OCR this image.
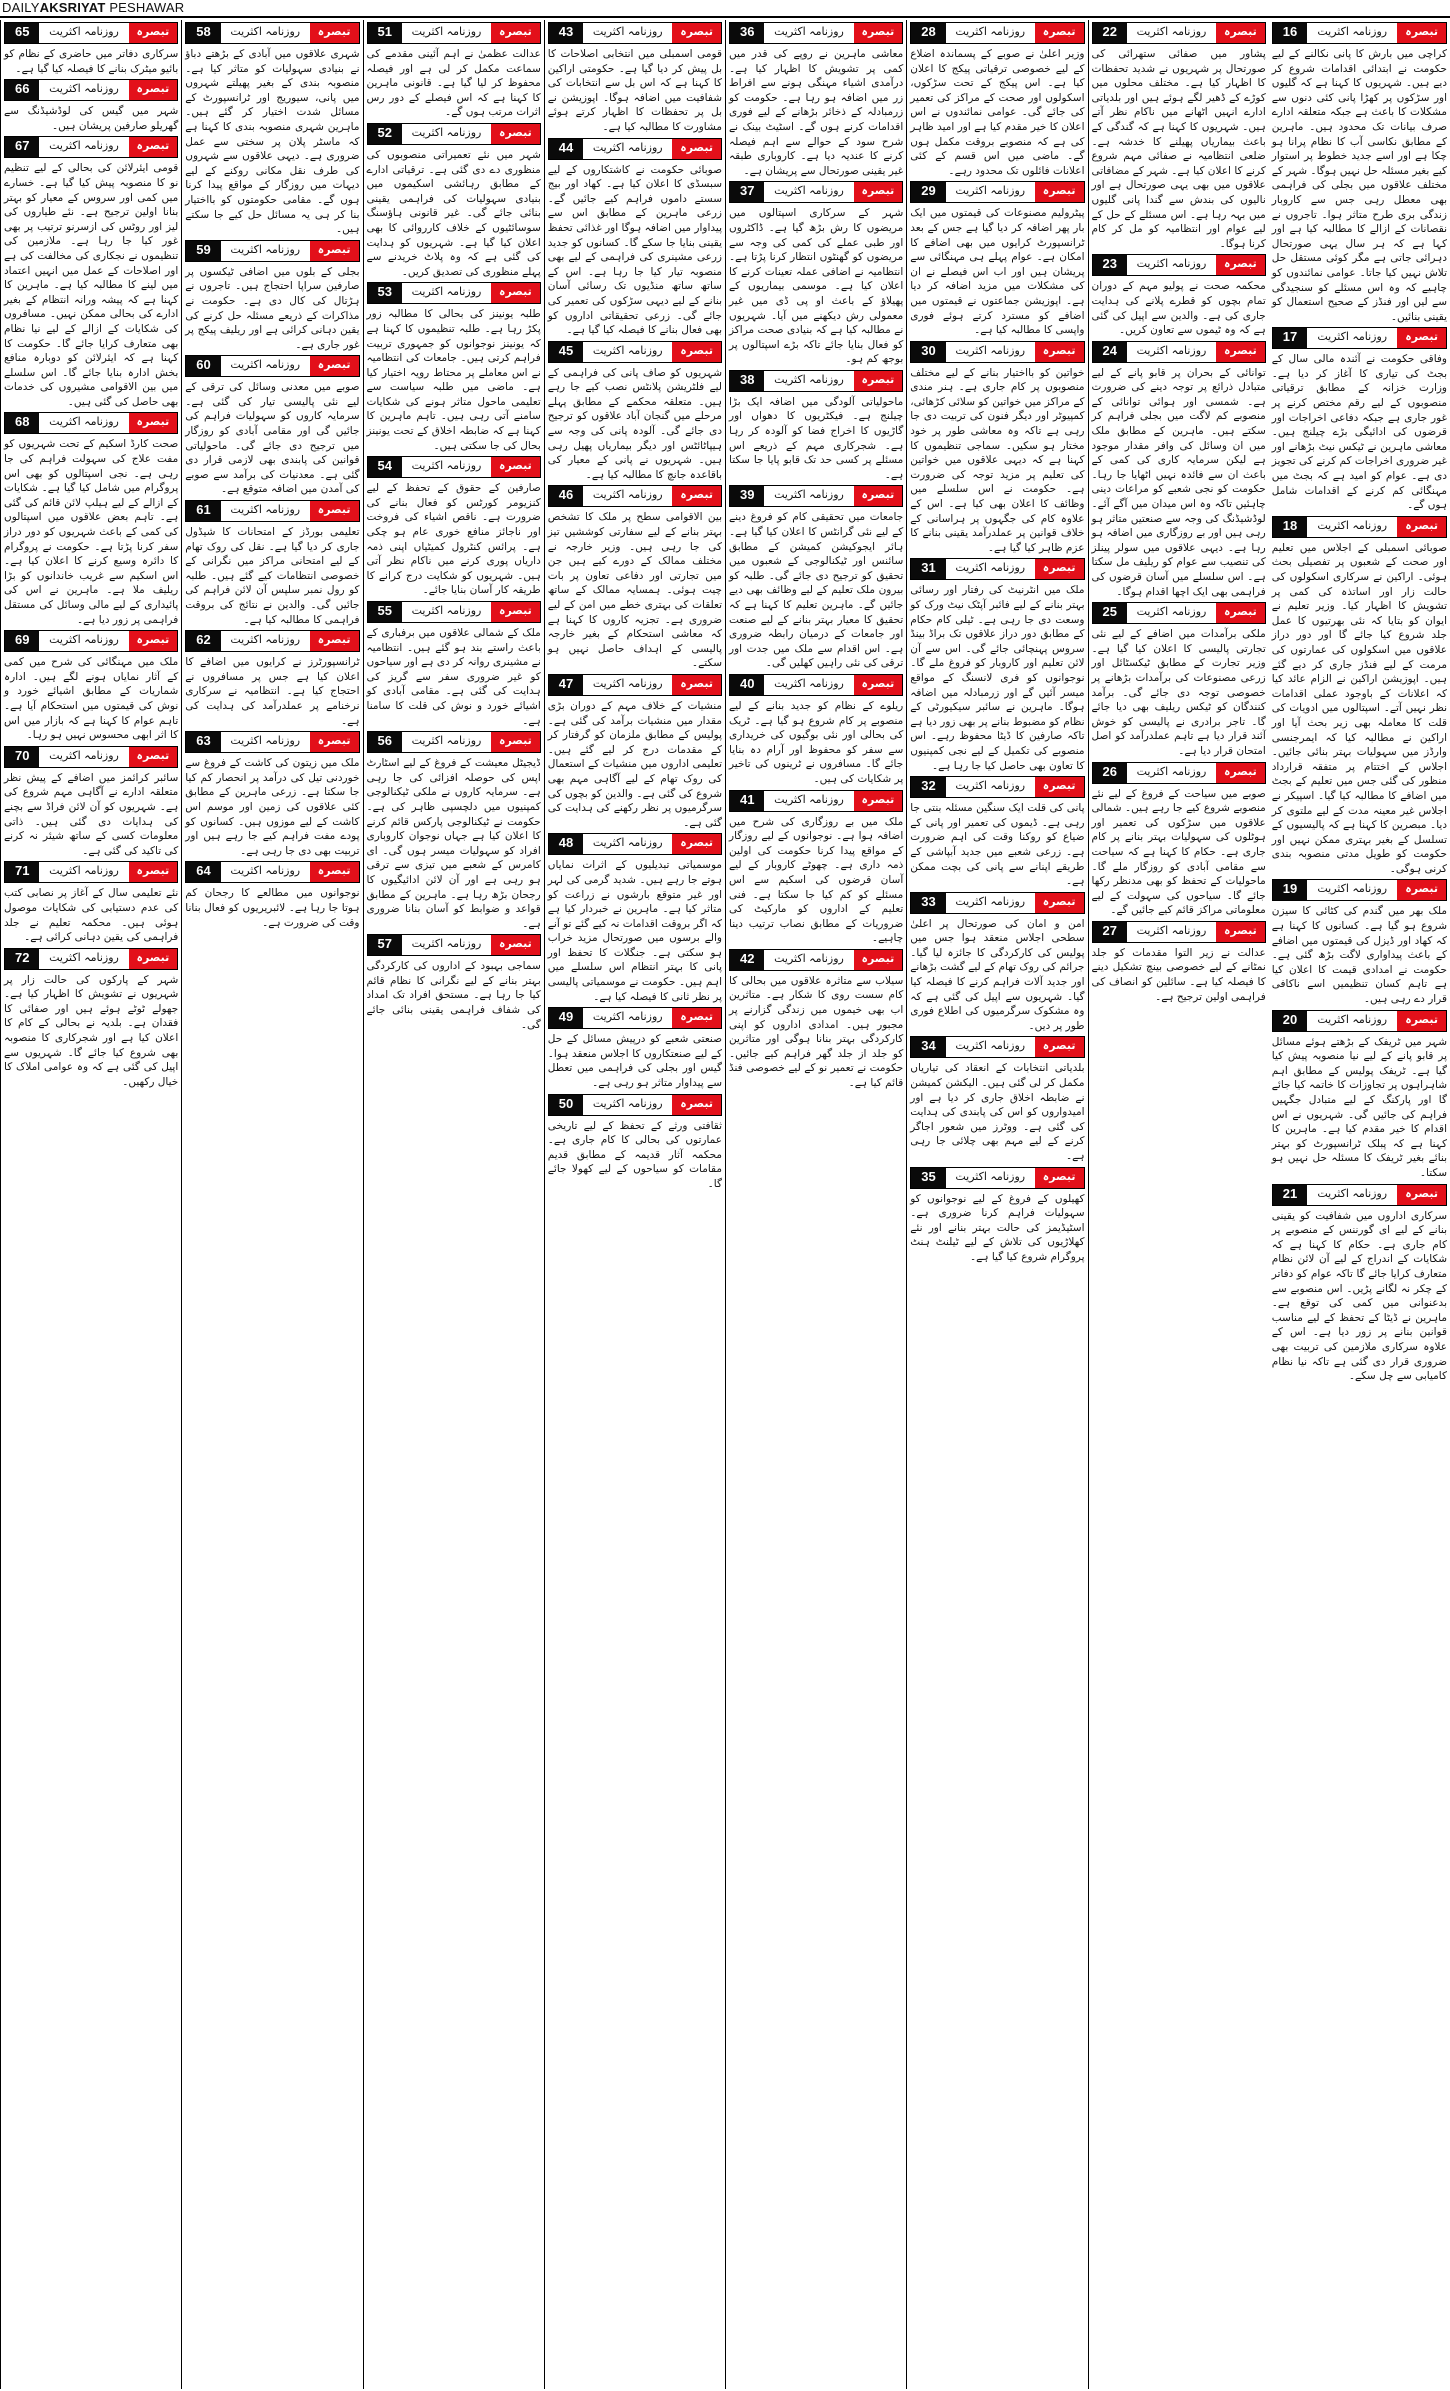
DAILYAKSRIYAT PESHAWAR
تبصرہ
روزنامہ اکثریت
16
کراچی میں بارش کا پانی نکالنے کے لیے حکومت نے ابتدائی اقدامات شروع کر دیے ہیں۔ شہریوں کا کہنا ہے کہ گلیوں اور سڑکوں پر کھڑا پانی کئی دنوں سے مشکلات کا باعث ہے جبکہ متعلقہ ادارے صرف بیانات تک محدود ہیں۔ ماہرین کے مطابق نکاسی آب کا نظام پرانا ہو چکا ہے اور اسے جدید خطوط پر استوار کیے بغیر مسئلہ حل نہیں ہوگا۔ شہر کے مختلف علاقوں میں بجلی کی فراہمی بھی معطل رہی جس سے کاروبار زندگی بری طرح متاثر ہوا۔ تاجروں نے نقصانات کے ازالے کا مطالبہ کیا ہے اور کہا ہے کہ ہر سال یہی صورتحال دہرائی جاتی ہے مگر کوئی مستقل حل تلاش نہیں کیا جاتا۔ عوامی نمائندوں کو چاہیے کہ وہ اس مسئلے کو سنجیدگی سے لیں اور فنڈز کے صحیح استعمال کو یقینی بنائیں۔
تبصرہ
روزنامہ اکثریت
17
وفاقی حکومت نے آئندہ مالی سال کے بجٹ کی تیاری کا آغاز کر دیا ہے۔ وزارت خزانہ کے مطابق ترقیاتی منصوبوں کے لیے رقم مختص کرنے پر غور جاری ہے جبکہ دفاعی اخراجات اور قرضوں کی ادائیگی بڑے چیلنج ہیں۔ معاشی ماہرین نے ٹیکس نیٹ بڑھانے اور غیر ضروری اخراجات کم کرنے کی تجویز دی ہے۔ عوام کو امید ہے کہ بجٹ میں مہنگائی کم کرنے کے اقدامات شامل ہوں گے۔
تبصرہ
روزنامہ اکثریت
18
صوبائی اسمبلی کے اجلاس میں تعلیم اور صحت کے شعبوں پر تفصیلی بحث ہوئی۔ اراکین نے سرکاری اسکولوں کی حالت زار اور اساتذہ کی کمی پر تشویش کا اظہار کیا۔ وزیر تعلیم نے ایوان کو بتایا کہ نئی بھرتیوں کا عمل جلد شروع کیا جائے گا اور دور دراز علاقوں میں اسکولوں کی عمارتوں کی مرمت کے لیے فنڈز جاری کر دیے گئے ہیں۔ اپوزیشن اراکین نے الزام عائد کیا کہ اعلانات کے باوجود عملی اقدامات نظر نہیں آتے۔ اسپتالوں میں ادویات کی قلت کا معاملہ بھی زیر بحث آیا اور اراکین نے مطالبہ کیا کہ ایمرجنسی وارڈز میں سہولیات بہتر بنائی جائیں۔ اجلاس کے اختتام پر متفقہ قرارداد منظور کی گئی جس میں تعلیم کے بجٹ میں اضافے کا مطالبہ کیا گیا۔ اسپیکر نے اجلاس غیر معینہ مدت کے لیے ملتوی کر دیا۔ مبصرین کا کہنا ہے کہ پالیسیوں کے تسلسل کے بغیر بہتری ممکن نہیں اور حکومت کو طویل مدتی منصوبہ بندی کرنی ہوگی۔
تبصرہ
روزنامہ اکثریت
19
ملک بھر میں گندم کی کٹائی کا سیزن شروع ہو گیا ہے۔ کسانوں کا کہنا ہے کہ کھاد اور ڈیزل کی قیمتوں میں اضافے کے باعث پیداواری لاگت بڑھ گئی ہے۔ حکومت نے امدادی قیمت کا اعلان کیا ہے تاہم کسان تنظیمیں اسے ناکافی قرار دے رہی ہیں۔
تبصرہ
روزنامہ اکثریت
20
شہر میں ٹریفک کے بڑھتے ہوئے مسائل پر قابو پانے کے لیے نیا منصوبہ پیش کیا گیا ہے۔ ٹریفک پولیس کے مطابق اہم شاہراہوں پر تجاوزات کا خاتمہ کیا جائے گا اور پارکنگ کے لیے متبادل جگہیں فراہم کی جائیں گی۔ شہریوں نے اس اقدام کا خیر مقدم کیا ہے۔ ماہرین کا کہنا ہے کہ پبلک ٹرانسپورٹ کو بہتر بنائے بغیر ٹریفک کا مسئلہ حل نہیں ہو سکتا۔
تبصرہ
روزنامہ اکثریت
21
سرکاری اداروں میں شفافیت کو یقینی بنانے کے لیے ای گورننس کے منصوبے پر کام جاری ہے۔ حکام کا کہنا ہے کہ شکایات کے اندراج کے لیے آن لائن نظام متعارف کرایا جائے گا تاکہ عوام کو دفاتر کے چکر نہ لگانے پڑیں۔ اس منصوبے سے بدعنوانی میں کمی کی توقع ہے۔ ماہرین نے ڈیٹا کے تحفظ کے لیے مناسب قوانین بنانے پر زور دیا ہے۔ اس کے علاوہ سرکاری ملازمین کی تربیت بھی ضروری قرار دی گئی ہے تاکہ نیا نظام کامیابی سے چل سکے۔
تبصرہ
روزنامہ اکثریت
22
پشاور میں صفائی ستھرائی کی صورتحال پر شہریوں نے شدید تحفظات کا اظہار کیا ہے۔ مختلف محلوں میں کوڑے کے ڈھیر لگے ہوئے ہیں اور بلدیاتی ادارے انہیں اٹھانے میں ناکام نظر آتے ہیں۔ شہریوں کا کہنا ہے کہ گندگی کے باعث بیماریاں پھیلنے کا خدشہ ہے۔ ضلعی انتظامیہ نے صفائی مہم شروع کرنے کا اعلان کیا ہے۔ شہر کے مضافاتی علاقوں میں بھی یہی صورتحال ہے اور نالیوں کی بندش سے گندا پانی گلیوں میں بہہ رہا ہے۔ اس مسئلے کے حل کے لیے عوام اور انتظامیہ کو مل کر کام کرنا ہوگا۔
تبصرہ
روزنامہ اکثریت
23
محکمہ صحت نے پولیو مہم کے دوران تمام بچوں کو قطرے پلانے کی ہدایت جاری کی ہے۔ والدین سے اپیل کی گئی ہے کہ وہ ٹیموں سے تعاون کریں۔
تبصرہ
روزنامہ اکثریت
24
توانائی کے بحران پر قابو پانے کے لیے متبادل ذرائع پر توجہ دینے کی ضرورت ہے۔ شمسی اور ہوائی توانائی کے منصوبے کم لاگت میں بجلی فراہم کر سکتے ہیں۔ ماہرین کے مطابق ملک میں ان وسائل کی وافر مقدار موجود ہے لیکن سرمایہ کاری کی کمی کے باعث ان سے فائدہ نہیں اٹھایا جا رہا۔ حکومت کو نجی شعبے کو مراعات دینی چاہئیں تاکہ وہ اس میدان میں آگے آئے۔ لوڈشیڈنگ کی وجہ سے صنعتیں متاثر ہو رہی ہیں اور بے روزگاری میں اضافہ ہو رہا ہے۔ دیہی علاقوں میں سولر پینلز کی تنصیب سے عوام کو ریلیف مل سکتا ہے۔ اس سلسلے میں آسان قرضوں کی فراہمی بھی ایک اچھا اقدام ہوگا۔
تبصرہ
روزنامہ اکثریت
25
ملکی برآمدات میں اضافے کے لیے نئی تجارتی پالیسی کا اعلان کیا گیا ہے۔ وزیر تجارت کے مطابق ٹیکسٹائل اور زرعی مصنوعات کی برآمدات بڑھانے پر خصوصی توجہ دی جائے گی۔ برآمد کنندگان کو ٹیکس ریلیف بھی دیا جائے گا۔ تاجر برادری نے پالیسی کو خوش آئند قرار دیا ہے تاہم عملدرآمد کو اصل امتحان قرار دیا ہے۔
تبصرہ
روزنامہ اکثریت
26
صوبے میں سیاحت کے فروغ کے لیے نئے منصوبے شروع کیے جا رہے ہیں۔ شمالی علاقوں میں سڑکوں کی تعمیر اور ہوٹلوں کی سہولیات بہتر بنانے پر کام جاری ہے۔ حکام کا کہنا ہے کہ سیاحت سے مقامی آبادی کو روزگار ملے گا۔ ماحولیات کے تحفظ کو بھی مدنظر رکھا جائے گا۔ سیاحوں کی سہولت کے لیے معلوماتی مراکز قائم کیے جائیں گے۔
تبصرہ
روزنامہ اکثریت
27
عدالت نے زیر التوا مقدمات کو جلد نمٹانے کے لیے خصوصی بینچ تشکیل دینے کا فیصلہ کیا ہے۔ سائلین کو انصاف کی فراہمی اولین ترجیح ہے۔
تبصرہ
روزنامہ اکثریت
28
وزیر اعلیٰ نے صوبے کے پسماندہ اضلاع کے لیے خصوصی ترقیاتی پیکج کا اعلان کیا ہے۔ اس پیکج کے تحت سڑکوں، اسکولوں اور صحت کے مراکز کی تعمیر کی جائے گی۔ عوامی نمائندوں نے اس اعلان کا خیر مقدم کیا ہے اور امید ظاہر کی ہے کہ منصوبے بروقت مکمل ہوں گے۔ ماضی میں اس قسم کے کئی اعلانات فائلوں تک محدود رہے۔
تبصرہ
روزنامہ اکثریت
29
پیٹرولیم مصنوعات کی قیمتوں میں ایک بار پھر اضافہ کر دیا گیا ہے جس کے بعد ٹرانسپورٹ کرایوں میں بھی اضافے کا امکان ہے۔ عوام پہلے ہی مہنگائی سے پریشان ہیں اور اب اس فیصلے نے ان کی مشکلات میں مزید اضافہ کر دیا ہے۔ اپوزیشن جماعتوں نے قیمتوں میں اضافے کو مسترد کرتے ہوئے فوری واپسی کا مطالبہ کیا ہے۔
تبصرہ
روزنامہ اکثریت
30
خواتین کو بااختیار بنانے کے لیے مختلف منصوبوں پر کام جاری ہے۔ ہنر مندی کے مراکز میں خواتین کو سلائی کڑھائی، کمپیوٹر اور دیگر فنون کی تربیت دی جا رہی ہے تاکہ وہ معاشی طور پر خود مختار ہو سکیں۔ سماجی تنظیموں کا کہنا ہے کہ دیہی علاقوں میں خواتین کی تعلیم پر مزید توجہ کی ضرورت ہے۔ حکومت نے اس سلسلے میں وظائف کا اعلان بھی کیا ہے۔ اس کے علاوہ کام کی جگہوں پر ہراسانی کے خلاف قوانین پر عملدرآمد یقینی بنانے کا عزم ظاہر کیا گیا ہے۔
تبصرہ
روزنامہ اکثریت
31
ملک میں انٹرنیٹ کی رفتار اور رسائی بہتر بنانے کے لیے فائبر آپٹک نیٹ ورک کو وسعت دی جا رہی ہے۔ ٹیلی کام حکام کے مطابق دور دراز علاقوں تک براڈ بینڈ سروس پہنچائی جائے گی۔ اس سے آن لائن تعلیم اور کاروبار کو فروغ ملے گا۔ نوجوانوں کو فری لانسنگ کے مواقع میسر آئیں گے اور زرمبادلہ میں اضافہ ہوگا۔ ماہرین نے سائبر سیکیورٹی کے نظام کو مضبوط بنانے پر بھی زور دیا ہے تاکہ صارفین کا ڈیٹا محفوظ رہے۔ اس منصوبے کی تکمیل کے لیے نجی کمپنیوں کا تعاون بھی حاصل کیا جا رہا ہے۔
تبصرہ
روزنامہ اکثریت
32
پانی کی قلت ایک سنگین مسئلہ بنتی جا رہی ہے۔ ڈیموں کی تعمیر اور پانی کے ضیاع کو روکنا وقت کی اہم ضرورت ہے۔ زرعی شعبے میں جدید آبپاشی کے طریقے اپنانے سے پانی کی بچت ممکن ہے۔
تبصرہ
روزنامہ اکثریت
33
امن و امان کی صورتحال پر اعلیٰ سطحی اجلاس منعقد ہوا جس میں پولیس کی کارکردگی کا جائزہ لیا گیا۔ جرائم کی روک تھام کے لیے گشت بڑھانے اور جدید آلات فراہم کرنے کا فیصلہ کیا گیا۔ شہریوں سے اپیل کی گئی ہے کہ وہ مشکوک سرگرمیوں کی اطلاع فوری طور پر دیں۔
تبصرہ
روزنامہ اکثریت
34
بلدیاتی انتخابات کے انعقاد کی تیاریاں مکمل کر لی گئی ہیں۔ الیکشن کمیشن نے ضابطہ اخلاق جاری کر دیا ہے اور امیدواروں کو اس کی پابندی کی ہدایت کی گئی ہے۔ ووٹرز میں شعور اجاگر کرنے کے لیے مہم بھی چلائی جا رہی ہے۔
تبصرہ
روزنامہ اکثریت
35
کھیلوں کے فروغ کے لیے نوجوانوں کو سہولیات فراہم کرنا ضروری ہے۔ اسٹیڈیمز کی حالت بہتر بنانے اور نئے کھلاڑیوں کی تلاش کے لیے ٹیلنٹ ہنٹ پروگرام شروع کیا گیا ہے۔
تبصرہ
روزنامہ اکثریت
36
معاشی ماہرین نے روپے کی قدر میں کمی پر تشویش کا اظہار کیا ہے۔ درآمدی اشیاء مہنگی ہونے سے افراط زر میں اضافہ ہو رہا ہے۔ حکومت کو زرمبادلہ کے ذخائر بڑھانے کے لیے فوری اقدامات کرنے ہوں گے۔ اسٹیٹ بینک نے شرح سود کے حوالے سے اہم فیصلہ کرنے کا عندیہ دیا ہے۔ کاروباری طبقہ غیر یقینی صورتحال سے پریشان ہے۔
تبصرہ
روزنامہ اکثریت
37
شہر کے سرکاری اسپتالوں میں مریضوں کا رش بڑھ گیا ہے۔ ڈاکٹروں اور طبی عملے کی کمی کی وجہ سے مریضوں کو گھنٹوں انتظار کرنا پڑتا ہے۔ انتظامیہ نے اضافی عملہ تعینات کرنے کا اعلان کیا ہے۔ موسمی بیماریوں کے پھیلاؤ کے باعث او پی ڈی میں غیر معمولی رش دیکھنے میں آیا۔ شہریوں نے مطالبہ کیا ہے کہ بنیادی صحت مراکز کو فعال بنایا جائے تاکہ بڑے اسپتالوں پر بوجھ کم ہو۔
تبصرہ
روزنامہ اکثریت
38
ماحولیاتی آلودگی میں اضافہ ایک بڑا چیلنج ہے۔ فیکٹریوں کا دھواں اور گاڑیوں کا اخراج فضا کو آلودہ کر رہا ہے۔ شجرکاری مہم کے ذریعے اس مسئلے پر کسی حد تک قابو پایا جا سکتا ہے۔
تبصرہ
روزنامہ اکثریت
39
جامعات میں تحقیقی کام کو فروغ دینے کے لیے نئی گرانٹس کا اعلان کیا گیا ہے۔ ہائر ایجوکیشن کمیشن کے مطابق سائنس اور ٹیکنالوجی کے شعبوں میں تحقیق کو ترجیح دی جائے گی۔ طلبہ کو بیرون ملک تعلیم کے لیے وظائف بھی دیے جائیں گے۔ ماہرین تعلیم کا کہنا ہے کہ تحقیق کا معیار بہتر بنانے کے لیے صنعت اور جامعات کے درمیان رابطہ ضروری ہے۔ اس اقدام سے ملک میں جدت اور ترقی کی نئی راہیں کھلیں گی۔
تبصرہ
روزنامہ اکثریت
40
ریلوے کے نظام کو جدید بنانے کے لیے منصوبے پر کام شروع ہو گیا ہے۔ ٹریک کی بحالی اور نئی بوگیوں کی خریداری سے سفر کو محفوظ اور آرام دہ بنایا جائے گا۔ مسافروں نے ٹرینوں کی تاخیر پر شکایات کی ہیں۔
تبصرہ
روزنامہ اکثریت
41
ملک میں بے روزگاری کی شرح میں اضافہ ہوا ہے۔ نوجوانوں کے لیے روزگار کے مواقع پیدا کرنا حکومت کی اولین ذمہ داری ہے۔ چھوٹے کاروبار کے لیے آسان قرضوں کی اسکیم سے اس مسئلے کو کم کیا جا سکتا ہے۔ فنی تعلیم کے اداروں کو مارکیٹ کی ضروریات کے مطابق نصاب ترتیب دینا چاہیے۔
تبصرہ
روزنامہ اکثریت
42
سیلاب سے متاثرہ علاقوں میں بحالی کا کام سست روی کا شکار ہے۔ متاثرین اب بھی خیموں میں زندگی گزارنے پر مجبور ہیں۔ امدادی اداروں کو اپنی کارکردگی بہتر بنانا ہوگی اور متاثرین کو جلد از جلد گھر فراہم کیے جائیں۔ حکومت نے تعمیر نو کے لیے خصوصی فنڈ قائم کیا ہے۔
تبصرہ
روزنامہ اکثریت
43
قومی اسمبلی میں انتخابی اصلاحات کا بل پیش کر دیا گیا ہے۔ حکومتی اراکین کا کہنا ہے کہ اس بل سے انتخابات کی شفافیت میں اضافہ ہوگا۔ اپوزیشن نے بل پر تحفظات کا اظہار کرتے ہوئے مشاورت کا مطالبہ کیا ہے۔
تبصرہ
روزنامہ اکثریت
44
صوبائی حکومت نے کاشتکاروں کے لیے سبسڈی کا اعلان کیا ہے۔ کھاد اور بیج سستے داموں فراہم کیے جائیں گے۔ زرعی ماہرین کے مطابق اس سے پیداوار میں اضافہ ہوگا اور غذائی تحفظ یقینی بنایا جا سکے گا۔ کسانوں کو جدید زرعی مشینری کی فراہمی کے لیے بھی منصوبہ تیار کیا جا رہا ہے۔ اس کے ساتھ ساتھ منڈیوں تک رسائی آسان بنانے کے لیے دیہی سڑکوں کی تعمیر کی جائے گی۔ زرعی تحقیقاتی اداروں کو بھی فعال بنانے کا فیصلہ کیا گیا ہے۔
تبصرہ
روزنامہ اکثریت
45
شہریوں کو صاف پانی کی فراہمی کے لیے فلٹریشن پلانٹس نصب کیے جا رہے ہیں۔ متعلقہ محکمے کے مطابق پہلے مرحلے میں گنجان آباد علاقوں کو ترجیح دی جائے گی۔ آلودہ پانی کی وجہ سے ہیپاٹائٹس اور دیگر بیماریاں پھیل رہی ہیں۔ شہریوں نے پانی کے معیار کی باقاعدہ جانچ کا مطالبہ کیا ہے۔
تبصرہ
روزنامہ اکثریت
46
بین الاقوامی سطح پر ملک کا تشخص بہتر بنانے کے لیے سفارتی کوششیں تیز کی جا رہی ہیں۔ وزیر خارجہ نے مختلف ممالک کے دورے کیے ہیں جن میں تجارتی اور دفاعی تعاون پر بات چیت ہوئی۔ ہمسایہ ممالک کے ساتھ تعلقات کی بہتری خطے میں امن کے لیے ضروری ہے۔ تجزیہ کاروں کا کہنا ہے کہ معاشی استحکام کے بغیر خارجہ پالیسی کے اہداف حاصل نہیں ہو سکتے۔
تبصرہ
روزنامہ اکثریت
47
منشیات کے خلاف مہم کے دوران بڑی مقدار میں منشیات برآمد کی گئی ہے۔ پولیس کے مطابق ملزمان کو گرفتار کر کے مقدمات درج کر لیے گئے ہیں۔ تعلیمی اداروں میں منشیات کے استعمال کی روک تھام کے لیے آگاہی مہم بھی شروع کی گئی ہے۔ والدین کو بچوں کی سرگرمیوں پر نظر رکھنے کی ہدایت کی گئی ہے۔
تبصرہ
روزنامہ اکثریت
48
موسمیاتی تبدیلیوں کے اثرات نمایاں ہوتے جا رہے ہیں۔ شدید گرمی کی لہر اور غیر متوقع بارشوں نے زراعت کو متاثر کیا ہے۔ ماہرین نے خبردار کیا ہے کہ اگر بروقت اقدامات نہ کیے گئے تو آنے والے برسوں میں صورتحال مزید خراب ہو سکتی ہے۔ جنگلات کا تحفظ اور پانی کا بہتر انتظام اس سلسلے میں اہم ہیں۔ حکومت نے موسمیاتی پالیسی پر نظر ثانی کا فیصلہ کیا ہے۔
تبصرہ
روزنامہ اکثریت
49
صنعتی شعبے کو درپیش مسائل کے حل کے لیے صنعتکاروں کا اجلاس منعقد ہوا۔ گیس اور بجلی کی فراہمی میں تعطل سے پیداوار متاثر ہو رہی ہے۔
تبصرہ
روزنامہ اکثریت
50
ثقافتی ورثے کے تحفظ کے لیے تاریخی عمارتوں کی بحالی کا کام جاری ہے۔ محکمہ آثار قدیمہ کے مطابق قدیم مقامات کو سیاحوں کے لیے کھولا جائے گا۔
تبصرہ
روزنامہ اکثریت
51
عدالت عظمیٰ نے اہم آئینی مقدمے کی سماعت مکمل کر لی ہے اور فیصلہ محفوظ کر لیا گیا ہے۔ قانونی ماہرین کا کہنا ہے کہ اس فیصلے کے دور رس اثرات مرتب ہوں گے۔
تبصرہ
روزنامہ اکثریت
52
شہر میں نئے تعمیراتی منصوبوں کی منظوری دے دی گئی ہے۔ ترقیاتی ادارے کے مطابق رہائشی اسکیموں میں بنیادی سہولیات کی فراہمی یقینی بنائی جائے گی۔ غیر قانونی ہاؤسنگ سوسائٹیوں کے خلاف کارروائی کا بھی اعلان کیا گیا ہے۔ شہریوں کو ہدایت کی گئی ہے کہ وہ پلاٹ خریدنے سے پہلے منظوری کی تصدیق کریں۔
تبصرہ
روزنامہ اکثریت
53
طلبہ یونینز کی بحالی کا مطالبہ زور پکڑ رہا ہے۔ طلبہ تنظیموں کا کہنا ہے کہ یونینز نوجوانوں کو جمہوری تربیت فراہم کرتی ہیں۔ جامعات کی انتظامیہ نے اس معاملے پر محتاط رویہ اختیار کیا ہے۔ ماضی میں طلبہ سیاست سے تعلیمی ماحول متاثر ہونے کی شکایات سامنے آتی رہی ہیں۔ تاہم ماہرین کا کہنا ہے کہ ضابطہ اخلاق کے تحت یونینز بحال کی جا سکتی ہیں۔
تبصرہ
روزنامہ اکثریت
54
صارفین کے حقوق کے تحفظ کے لیے کنزیومر کورٹس کو فعال بنانے کی ضرورت ہے۔ ناقص اشیاء کی فروخت اور ناجائز منافع خوری عام ہو چکی ہے۔ پرائس کنٹرول کمیٹیاں اپنی ذمہ داریاں پوری کرنے میں ناکام نظر آتی ہیں۔ شہریوں کو شکایت درج کرانے کا طریقہ کار آسان بنایا جائے۔
تبصرہ
روزنامہ اکثریت
55
ملک کے شمالی علاقوں میں برفباری کے باعث راستے بند ہو گئے ہیں۔ انتظامیہ نے مشینری روانہ کر دی ہے اور سیاحوں کو غیر ضروری سفر سے گریز کی ہدایت کی گئی ہے۔ مقامی آبادی کو اشیائے خورد و نوش کی قلت کا سامنا ہے۔
تبصرہ
روزنامہ اکثریت
56
ڈیجیٹل معیشت کے فروغ کے لیے اسٹارٹ اپس کی حوصلہ افزائی کی جا رہی ہے۔ سرمایہ کاروں نے ملکی ٹیکنالوجی کمپنیوں میں دلچسپی ظاہر کی ہے۔ حکومت نے ٹیکنالوجی پارکس قائم کرنے کا اعلان کیا ہے جہاں نوجوان کاروباری افراد کو سہولیات میسر ہوں گی۔ ای کامرس کے شعبے میں تیزی سے ترقی ہو رہی ہے اور آن لائن ادائیگیوں کا رجحان بڑھ رہا ہے۔ ماہرین کے مطابق قواعد و ضوابط کو آسان بنانا ضروری ہے۔
تبصرہ
روزنامہ اکثریت
57
سماجی بہبود کے اداروں کی کارکردگی بہتر بنانے کے لیے نگرانی کا نظام قائم کیا جا رہا ہے۔ مستحق افراد تک امداد کی شفاف فراہمی یقینی بنائی جائے گی۔
تبصرہ
روزنامہ اکثریت
58
شہری علاقوں میں آبادی کے بڑھتے دباؤ نے بنیادی سہولیات کو متاثر کیا ہے۔ منصوبہ بندی کے بغیر پھیلتے شہروں میں پانی، سیوریج اور ٹرانسپورٹ کے مسائل شدت اختیار کر گئے ہیں۔ ماہرین شہری منصوبہ بندی کا کہنا ہے کہ ماسٹر پلان پر سختی سے عمل ضروری ہے۔ دیہی علاقوں سے شہروں کی طرف نقل مکانی روکنے کے لیے دیہات میں روزگار کے مواقع پیدا کرنا ہوں گے۔ مقامی حکومتوں کو بااختیار بنا کر ہی یہ مسائل حل کیے جا سکتے ہیں۔
تبصرہ
روزنامہ اکثریت
59
بجلی کے بلوں میں اضافی ٹیکسوں پر صارفین سراپا احتجاج ہیں۔ تاجروں نے ہڑتال کی کال دی ہے۔ حکومت نے مذاکرات کے ذریعے مسئلہ حل کرنے کی یقین دہانی کرائی ہے اور ریلیف پیکج پر غور جاری ہے۔
تبصرہ
روزنامہ اکثریت
60
صوبے میں معدنی وسائل کی ترقی کے لیے نئی پالیسی تیار کی گئی ہے۔ سرمایہ کاروں کو سہولیات فراہم کی جائیں گی اور مقامی آبادی کو روزگار میں ترجیح دی جائے گی۔ ماحولیاتی قوانین کی پابندی بھی لازمی قرار دی گئی ہے۔ معدنیات کی برآمد سے صوبے کی آمدن میں اضافہ متوقع ہے۔
تبصرہ
روزنامہ اکثریت
61
تعلیمی بورڈز کے امتحانات کا شیڈول جاری کر دیا گیا ہے۔ نقل کی روک تھام کے لیے امتحانی مراکز میں نگرانی کے خصوصی انتظامات کیے گئے ہیں۔ طلبہ کو رول نمبر سلپس آن لائن فراہم کی جائیں گی۔ والدین نے نتائج کی بروقت فراہمی کا مطالبہ کیا ہے۔
تبصرہ
روزنامہ اکثریت
62
ٹرانسپورٹرز نے کرایوں میں اضافے کا اعلان کیا ہے جس پر مسافروں نے احتجاج کیا ہے۔ انتظامیہ نے سرکاری نرخنامے پر عملدرآمد کی ہدایت کی ہے۔
تبصرہ
روزنامہ اکثریت
63
ملک میں زیتون کی کاشت کے فروغ سے خوردنی تیل کی درآمد پر انحصار کم کیا جا سکتا ہے۔ زرعی ماہرین کے مطابق کئی علاقوں کی زمین اور موسم اس کاشت کے لیے موزوں ہیں۔ کسانوں کو پودے مفت فراہم کیے جا رہے ہیں اور تربیت بھی دی جا رہی ہے۔
تبصرہ
روزنامہ اکثریت
64
نوجوانوں میں مطالعے کا رجحان کم ہوتا جا رہا ہے۔ لائبریریوں کو فعال بنانا وقت کی ضرورت ہے۔
تبصرہ
روزنامہ اکثریت
65
سرکاری دفاتر میں حاضری کے نظام کو بائیو میٹرک بنانے کا فیصلہ کیا گیا ہے۔
تبصرہ
روزنامہ اکثریت
66
شہر میں گیس کی لوڈشیڈنگ سے گھریلو صارفین پریشان ہیں۔
تبصرہ
روزنامہ اکثریت
67
قومی ایئرلائن کی بحالی کے لیے تنظیم نو کا منصوبہ پیش کیا گیا ہے۔ خسارے میں کمی اور سروس کے معیار کو بہتر بنانا اولین ترجیح ہے۔ نئے طیاروں کی لیز اور روٹس کی ازسرنو ترتیب پر بھی غور کیا جا رہا ہے۔ ملازمین کی تنظیموں نے نجکاری کی مخالفت کی ہے اور اصلاحات کے عمل میں انہیں اعتماد میں لینے کا مطالبہ کیا ہے۔ ماہرین کا کہنا ہے کہ پیشہ ورانہ انتظام کے بغیر ادارے کی بحالی ممکن نہیں۔ مسافروں کی شکایات کے ازالے کے لیے نیا نظام بھی متعارف کرایا جائے گا۔ حکومت کا کہنا ہے کہ ایئرلائن کو دوبارہ منافع بخش ادارہ بنایا جائے گا۔ اس سلسلے میں بین الاقوامی مشیروں کی خدمات بھی حاصل کی گئی ہیں۔
تبصرہ
روزنامہ اکثریت
68
صحت کارڈ اسکیم کے تحت شہریوں کو مفت علاج کی سہولت فراہم کی جا رہی ہے۔ نجی اسپتالوں کو بھی اس پروگرام میں شامل کیا گیا ہے۔ شکایات کے ازالے کے لیے ہیلپ لائن قائم کی گئی ہے۔ تاہم بعض علاقوں میں اسپتالوں کی کمی کے باعث شہریوں کو دور دراز سفر کرنا پڑتا ہے۔ حکومت نے پروگرام کا دائرہ وسیع کرنے کا اعلان کیا ہے۔ اس اسکیم سے غریب خاندانوں کو بڑا ریلیف ملا ہے۔ ماہرین نے اس کی پائیداری کے لیے مالی وسائل کی مستقل فراہمی پر زور دیا ہے۔
تبصرہ
روزنامہ اکثریت
69
ملک میں مہنگائی کی شرح میں کمی کے آثار نمایاں ہونے لگے ہیں۔ ادارہ شماریات کے مطابق اشیائے خورد و نوش کی قیمتوں میں استحکام آیا ہے۔ تاہم عوام کا کہنا ہے کہ بازار میں اس کا اثر ابھی محسوس نہیں ہو رہا۔
تبصرہ
روزنامہ اکثریت
70
سائبر کرائمز میں اضافے کے پیش نظر متعلقہ ادارے نے آگاہی مہم شروع کی ہے۔ شہریوں کو آن لائن فراڈ سے بچنے کی ہدایات دی گئی ہیں۔ ذاتی معلومات کسی کے ساتھ شیئر نہ کرنے کی تاکید کی گئی ہے۔
تبصرہ
روزنامہ اکثریت
71
نئے تعلیمی سال کے آغاز پر نصابی کتب کی عدم دستیابی کی شکایات موصول ہوئی ہیں۔ محکمہ تعلیم نے جلد فراہمی کی یقین دہانی کرائی ہے۔
تبصرہ
روزنامہ اکثریت
72
شہر کے پارکوں کی حالت زار پر شہریوں نے تشویش کا اظہار کیا ہے۔ جھولے ٹوٹے ہوئے ہیں اور صفائی کا فقدان ہے۔ بلدیہ نے بحالی کے کام کا اعلان کیا ہے اور شجرکاری کا منصوبہ بھی شروع کیا جائے گا۔ شہریوں سے اپیل کی گئی ہے کہ وہ عوامی املاک کا خیال رکھیں۔
